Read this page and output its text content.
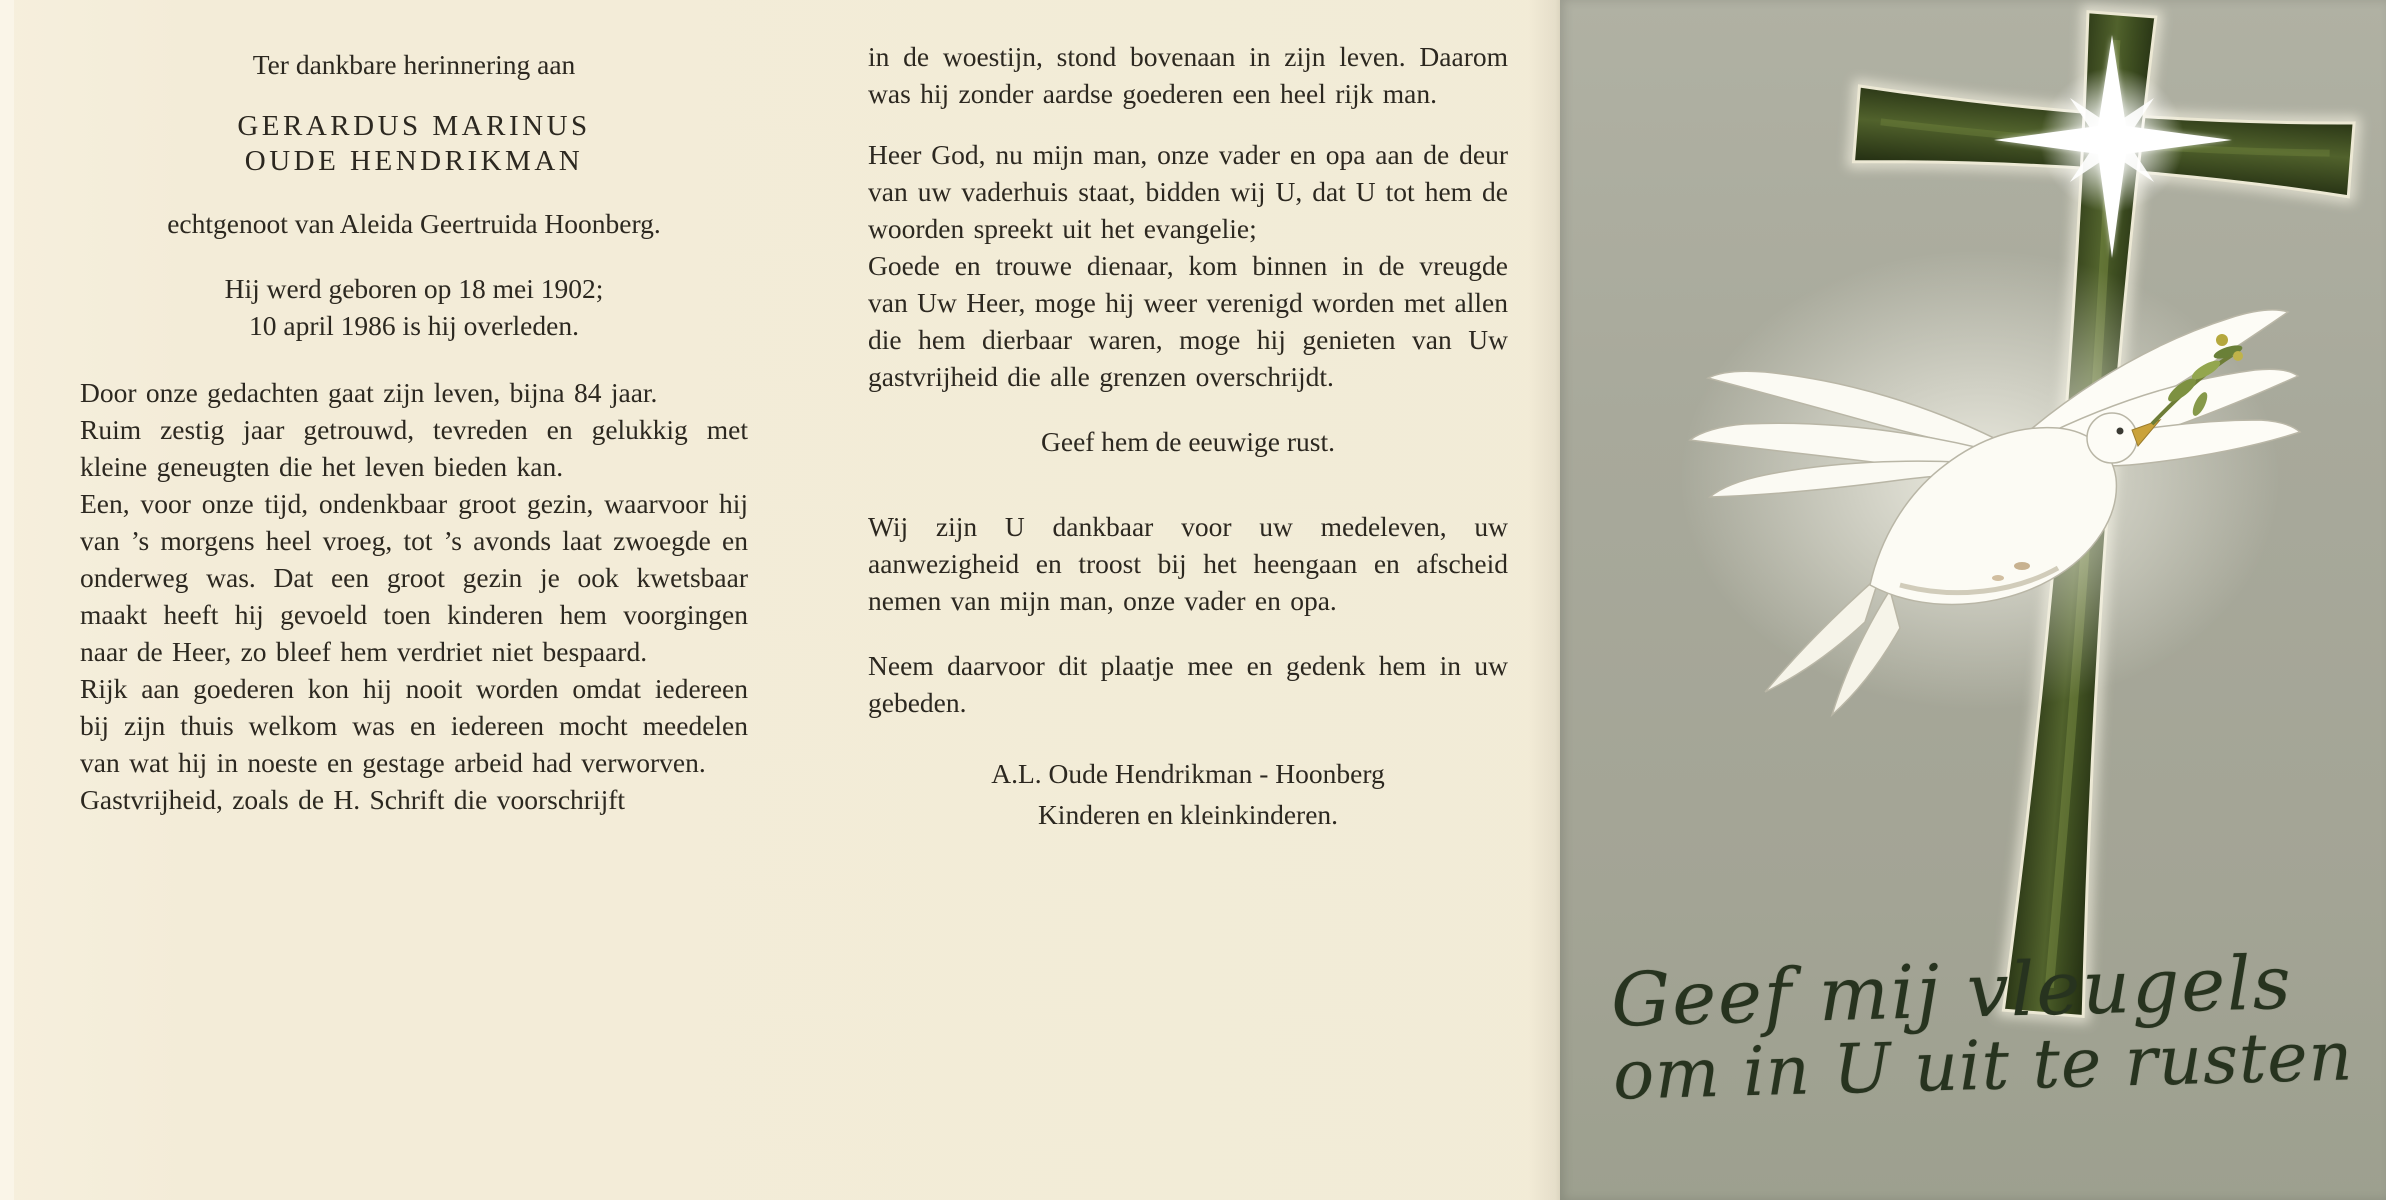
Ter dankbare herinnering aan

GERARDUS MARINUS

OUDE HENDRIKMAN

echtgenoot van Aleida Geertruida Hoonberg.

Hij werd geboren op 18 mei 1902;

10 april 1986 is hij overleden.

Door onze gedachten gaat zijn leven, bijna 84 jaar.

Ruim zestig jaar getrouwd, tevreden en gelukkig met kleine geneugten die het leven bieden kan.

Een, voor onze tijd, ondenkbaar groot gezin, waarvoor hij van ’s morgens heel vroeg, tot ’s avonds laat zwoegde en onderweg was. Dat een groot gezin je ook kwetsbaar maakt heeft hij gevoeld toen kinderen hem voorgingen naar de Heer, zo bleef hem verdriet niet bespaard.

Rijk aan goederen kon hij nooit worden omdat iedereen bij zijn thuis welkom was en iedereen mocht meedelen van wat hij in noeste en gestage arbeid had verworven.

Gastvrijheid, zoals de H. Schrift die voorschrijft

in de woestijn, stond bovenaan in zijn leven. Daarom was hij zonder aardse goederen een heel rijk man.

Heer God, nu mijn man, onze vader en opa aan de deur van uw vaderhuis staat, bidden wij U, dat U tot hem de woorden spreekt uit het evangelie;

Goede en trouwe dienaar, kom binnen in de vreugde van Uw Heer, moge hij weer verenigd worden met allen die hem dierbaar waren, moge hij genieten van Uw gastvrijheid die alle grenzen overschrijdt.

Geef hem de eeuwige rust.

Wij zijn U dankbaar voor uw medeleven, uw aanwezigheid en troost bij het heengaan en afscheid nemen van mijn man, onze vader en opa.

Neem daarvoor dit plaatje mee en gedenk hem in uw gebeden.

A.L. Oude Hendrikman - Hoonberg

Kinderen en kleinkinderen.

Geef mij vleugels
om in U uit te rusten
